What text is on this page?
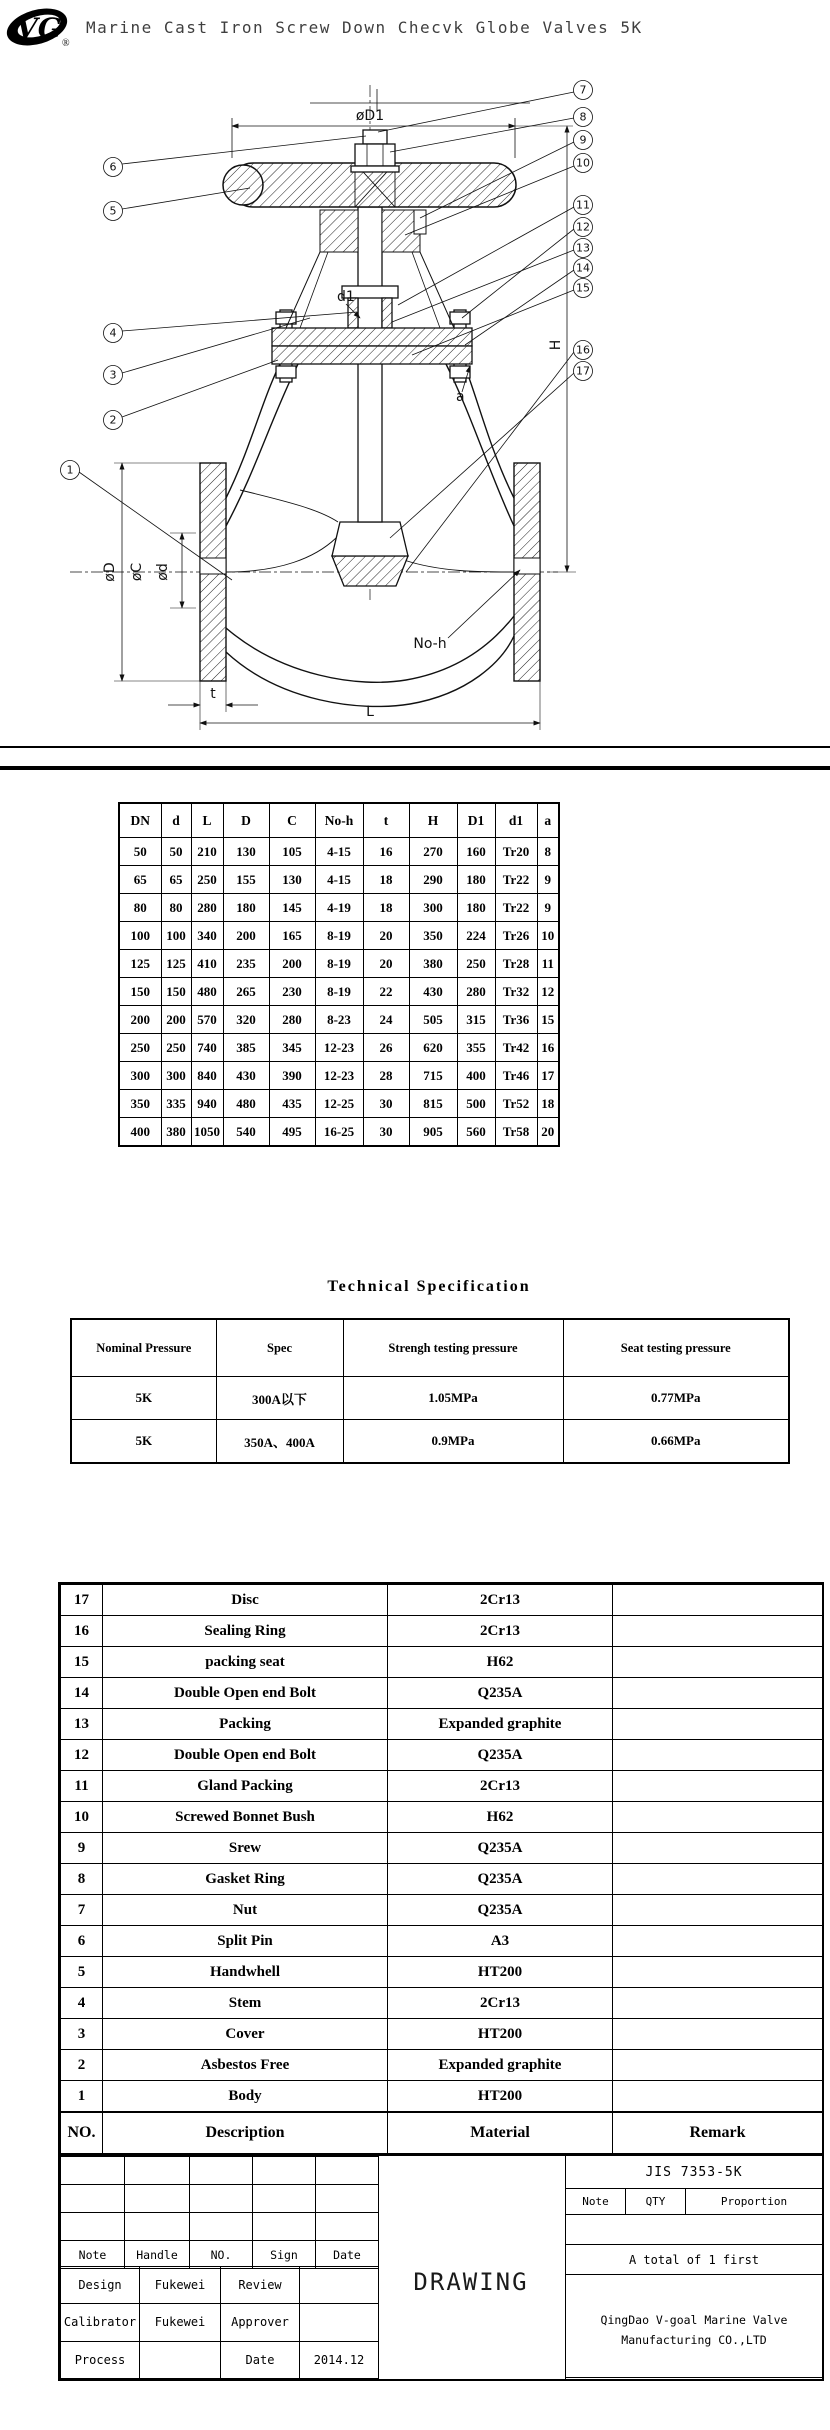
VG ®
Marine Cast Iron Screw Down Checvk Globe Valves 5K
øD1
H
d1
a
øD øC ød
No-h
t
L
6
5
4
3
2
1
7
8
9
10
11
12
13
14
15
16
17
DN	d	L	D	C	No-h	t	H	D1	d1	a
50	50	210	130	105	4-15	16	270	160	Tr20	8
65	65	250	155	130	4-15	18	290	180	Tr22	9
80	80	280	180	145	4-19	18	300	180	Tr22	9
100	100	340	200	165	8-19	20	350	224	Tr26	10
125	125	410	235	200	8-19	20	380	250	Tr28	11
150	150	480	265	230	8-19	22	430	280	Tr32	12
200	200	570	320	280	8-23	24	505	315	Tr36	15
250	250	740	385	345	12-23	26	620	355	Tr42	16
300	300	840	430	390	12-23	28	715	400	Tr46	17
350	335	940	480	435	12-25	30	815	500	Tr52	18
400	380	1050	540	495	16-25	30	905	560	Tr58	20
Technical Specification
Nominal Pressure	Spec	Strengh testing pressure	Seat testing pressure
5K	300A以下	1.05MPa	0.77MPa
5K	350A、400A	0.9MPa	0.66MPa
17	Disc	2Cr13	
16	Sealing Ring	2Cr13	
15	packing seat	H62	
14	Double Open end Bolt	Q235A	
13	Packing	Expanded graphite	
12	Double Open end Bolt	Q235A	
11	Gland Packing	2Cr13	
10	Screwed Bonnet Bush	H62	
9	Srew	Q235A	
8	Gasket Ring	Q235A	
7	Nut	Q235A	
6	Split Pin	A3	
5	Handwhell	HT200	
4	Stem	2Cr13	
3	Cover	HT200	
2	Asbestos Free	Expanded graphite	
1	Body	HT200	
NO.	Description	Material	Remark

Note	Handle	NO.	Sign	Date
Design	Fukewei	Review	
Calibrator	Fukewei	Approver	
Process		Date	2014.12
DRAWING
JIS 7353-5K
Note	QTY	Proportion
A total of 1 first
QingDao V-goal Marine Valve
Manufacturing CO.,LTD
